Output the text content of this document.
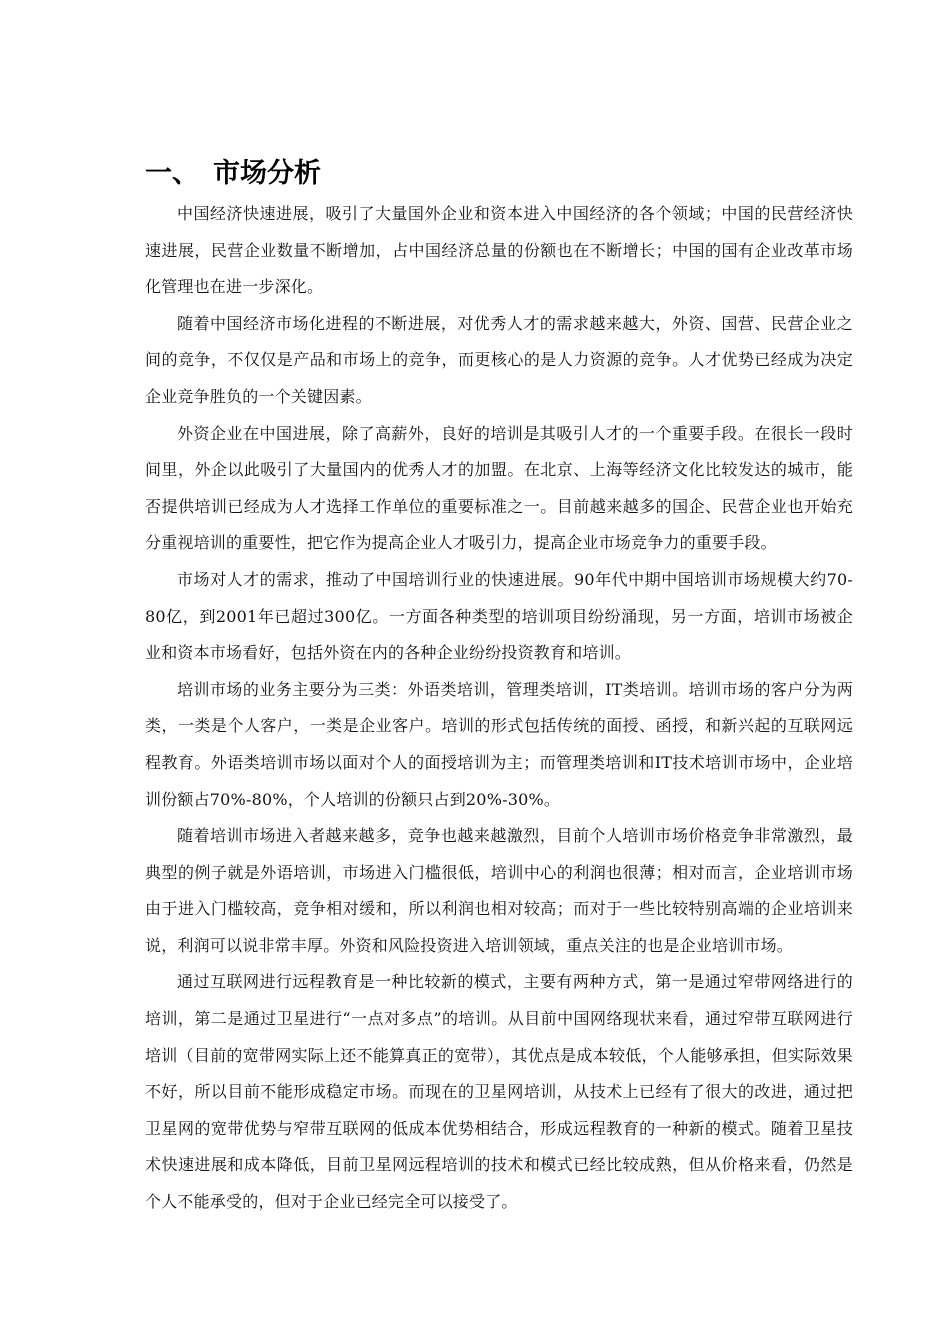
一、 市场分析

中国经济快速进展，吸引了大量国外企业和资本进入中国经济的各个领域；中国的民营经济快速进展，民营企业数量不断增加，占中国经济总量的份额也在不断增长；中国的国有企业改革市场化管理也在进一步深化。

随着中国经济市场化进程的不断进展，对优秀人才的需求越来越大，外资、国营、民营企业之间的竞争，不仅仅是产品和市场上的竞争，而更核心的是人力资源的竞争。人才优势已经成为决定企业竞争胜负的一个关键因素。

外资企业在中国进展，除了高薪外，良好的培训是其吸引人才的一个重要手段。在很长一段时间里，外企以此吸引了大量国内的优秀人才的加盟。在北京、上海等经济文化比较发达的城市，能否提供培训已经成为人才选择工作单位的重要标准之一。目前越来越多的国企、民营企业也开始充分重视培训的重要性，把它作为提高企业人才吸引力，提高企业市场竞争力的重要手段。

市场对人才的需求，推动了中国培训行业的快速进展。90年代中期中国培训市场规模大约70-80亿，到2001年已超过300亿。一方面各种类型的培训项目纷纷涌现，另一方面，培训市场被企业和资本市场看好，包括外资在内的各种企业纷纷投资教育和培训。

培训市场的业务主要分为三类：外语类培训，管理类培训，IT类培训。培训市场的客户分为两类，一类是个人客户，一类是企业客户。培训的形式包括传统的面授、函授，和新兴起的互联网远程教育。外语类培训市场以面对个人的面授培训为主；而管理类培训和IT技术培训市场中，企业培训份额占70%-80%，个人培训的份额只占到20%-30%。

随着培训市场进入者越来越多，竞争也越来越激烈，目前个人培训市场价格竞争非常激烈，最典型的例子就是外语培训，市场进入门槛很低，培训中心的利润也很薄；相对而言，企业培训市场由于进入门槛较高，竞争相对缓和，所以利润也相对较高；而对于一些比较特别高端的企业培训来说，利润可以说非常丰厚。外资和风险投资进入培训领域，重点关注的也是企业培训市场。

通过互联网进行远程教育是一种比较新的模式，主要有两种方式，第一是通过窄带网络进行的培训，第二是通过卫星进行“一点对多点”的培训。从目前中国网络现状来看，通过窄带互联网进行培训（目前的宽带网实际上还不能算真正的宽带），其优点是成本较低，个人能够承担，但实际效果不好，所以目前不能形成稳定市场。而现在的卫星网培训，从技术上已经有了很大的改进，通过把卫星网的宽带优势与窄带互联网的低成本优势相结合，形成远程教育的一种新的模式。随着卫星技术快速进展和成本降低，目前卫星网远程培训的技术和模式已经比较成熟，但从价格来看，仍然是个人不能承受的，但对于企业已经完全可以接受了。
